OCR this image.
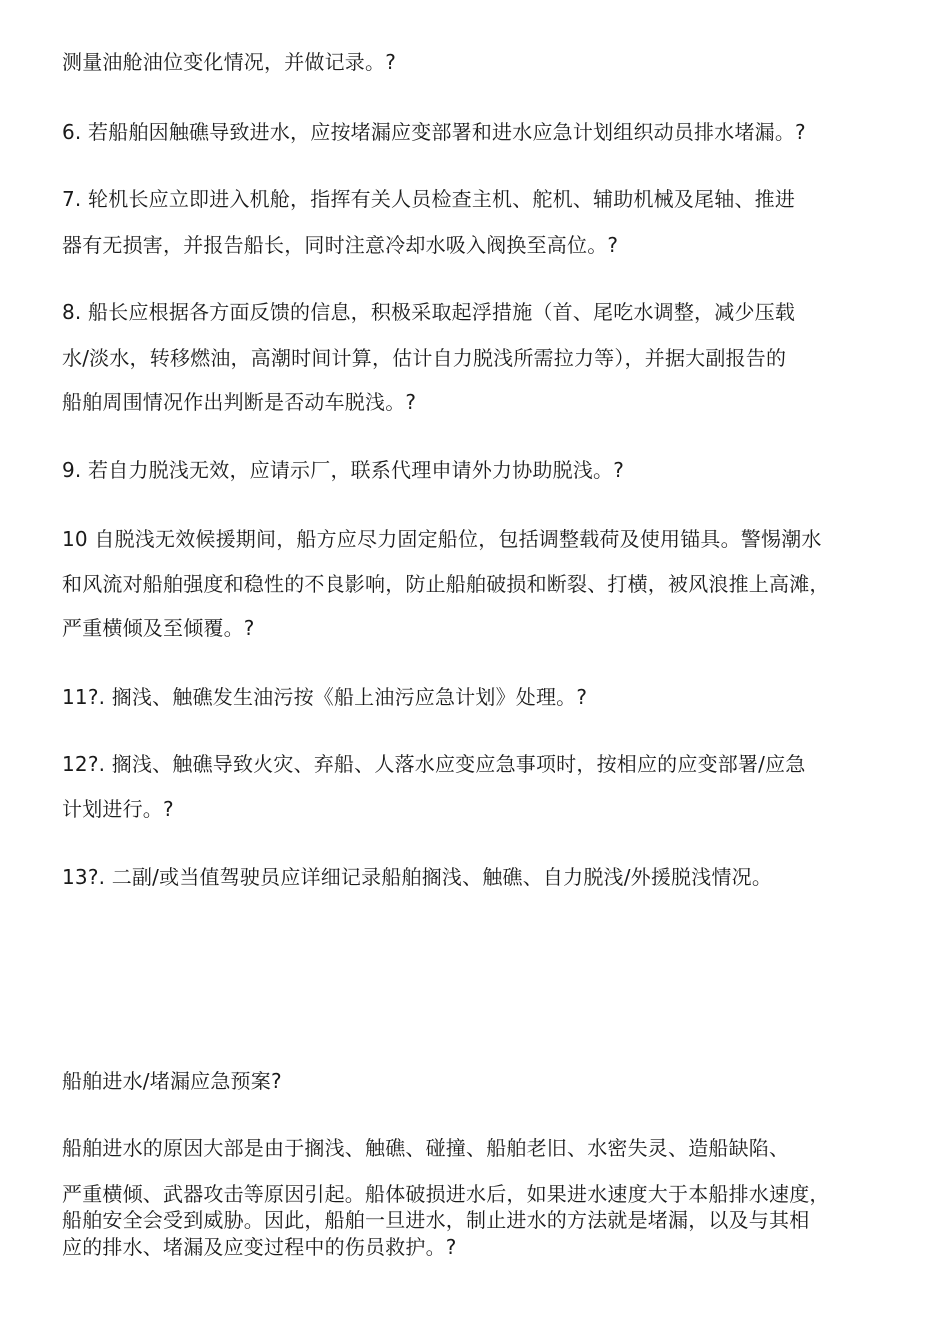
测量油舱油位变化情况，并做记录。?
6. 若船舶因触礁导致进水，应按堵漏应变部署和进水应急计划组织动员排水堵漏。?
7. 轮机长应立即进入机舱，指挥有关人员检查主机、舵机、辅助机械及尾轴、推进
器有无损害，并报告船长，同时注意冷却水吸入阀换至高位。?
8. 船长应根据各方面反馈的信息，积极采取起浮措施（首、尾吃水调整，减少压载
水/淡水，转移燃油，高潮时间计算，估计自力脱浅所需拉力等），并据大副报告的
船舶周围情况作出判断是否动车脱浅。?
9. 若自力脱浅无效，应请示厂，联系代理申请外力协助脱浅。?
10 自脱浅无效候援期间，船方应尽力固定船位，包括调整载荷及使用锚具。警惕潮水
和风流对船舶强度和稳性的不良影响，防止船舶破损和断裂、打横，被风浪推上高滩，
严重横倾及至倾覆。?
11?. 搁浅、触礁发生油污按《船上油污应急计划》处理。?
12?. 搁浅、触礁导致火灾、弃船、人落水应变应急事项时，按相应的应变部署/应急
计划进行。?
13?. 二副/或当值驾驶员应详细记录船舶搁浅、触礁、自力脱浅/外援脱浅情况。
船舶进水/堵漏应急预案?
船舶进水的原因大部是由于搁浅、触礁、碰撞、船舶老旧、水密失灵、造船缺陷、
严重横倾、武器攻击等原因引起。船体破损进水后，如果进水速度大于本船排水速度，
船舶安全会受到威胁。因此，船舶一旦进水，制止进水的方法就是堵漏，以及与其相
应的排水、堵漏及应变过程中的伤员救护。?
